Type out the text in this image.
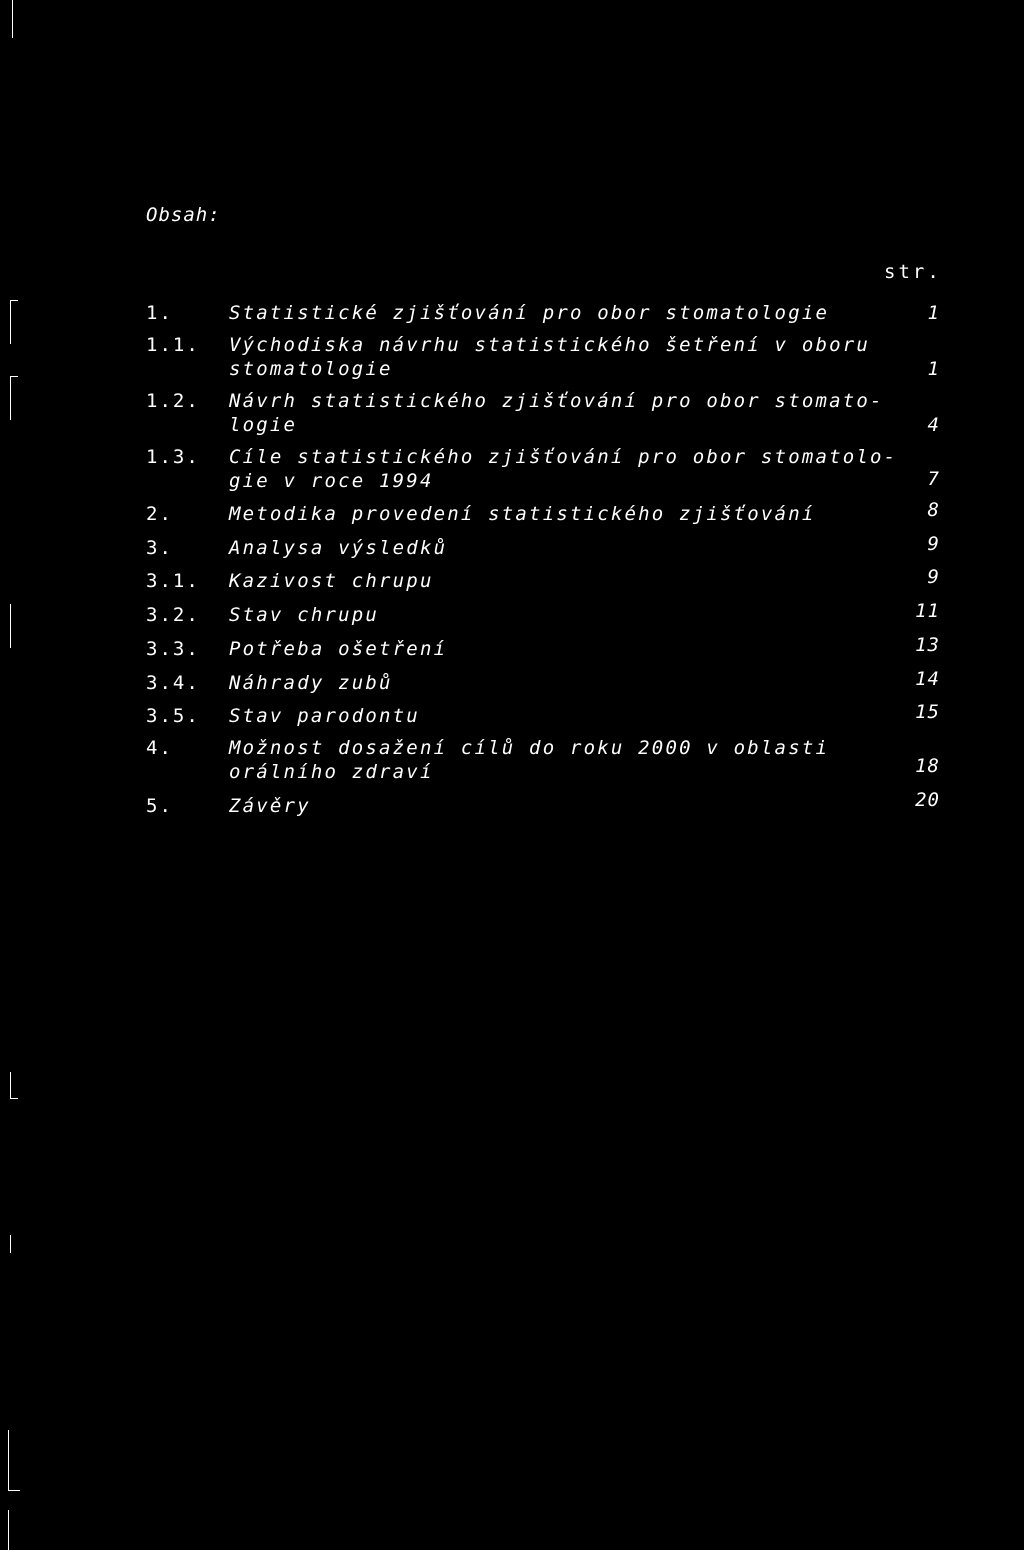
Obsah:
str.
1.	Statistické zjišťování pro obor stomatologie	1
1.1. Východiska návrhu statistického šetření v oboru
stomatologie	1
1.2. Návrh statistického zjišťování pro obor stomato-
logie	4
1.3. Cíle statistického zjišťování pro obor stomatolo-
gie v roce 1994	7
2.	Metodika provedení statistického zjišťování	8
3.	Analysa výsledků	9
3.1. Kazivost chrupu	9
3.2. Stav chrupu	11
3.3. Potřeba ošetření	13
3.4. Náhrady zubů	14
3.5. Stav parodontu	15
4.	Možnost dosažení cílů do roku 2000 v oblasti
orálního zdraví	18
5.	Závěry	20
